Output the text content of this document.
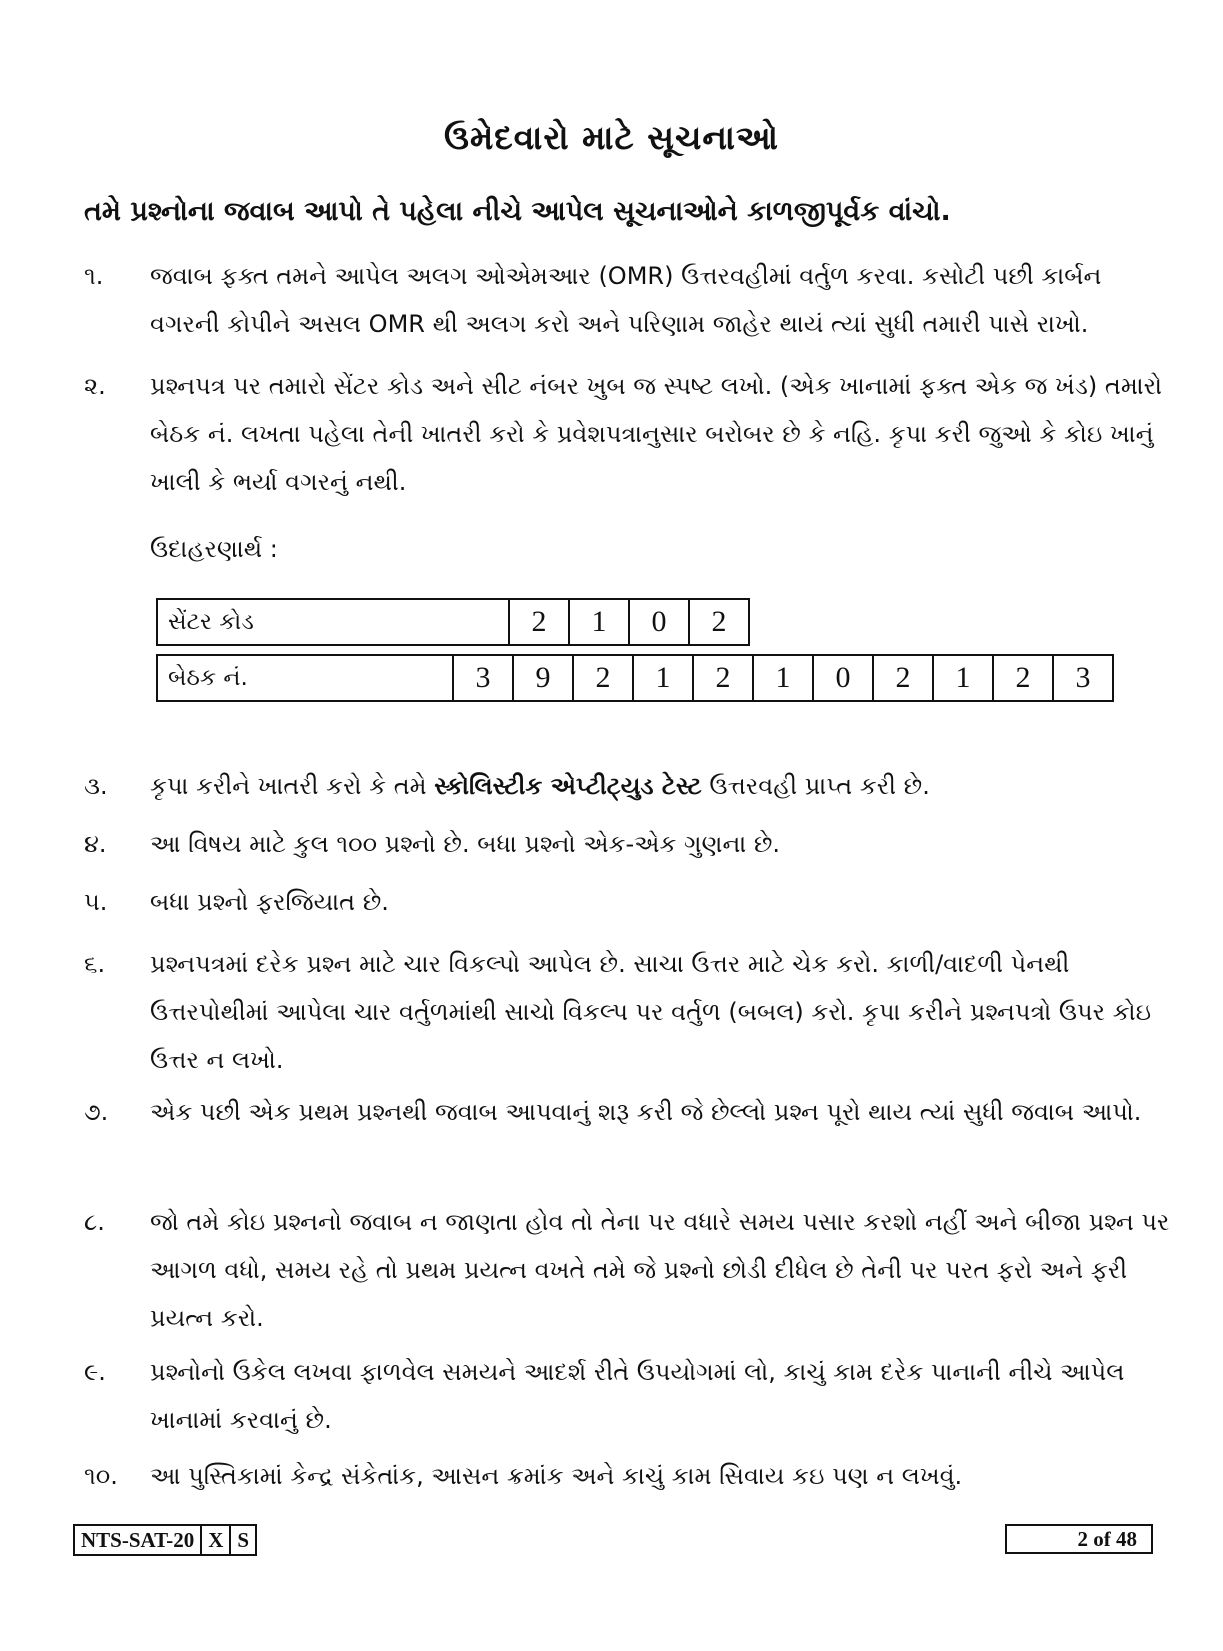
ઉમેદવારો માટે સૂચનાઓ
તમે પ્રશ્નોના જવાબ આપો તે પહેલા નીચે આપેલ સૂચનાઓને કાળજીપૂર્વક વાંચો.
૧.	જવાબ ફક્ત તમને આપેલ અલગ ઓએમઆર (OMR) ઉત્તરવહીમાં વર્તુળ કરવા. કસોટી પછી કાર્બન વગરની કોપીને અસલ OMR થી અલગ કરો અને પરિણામ જાહેર થાયં ત્યાં સુધી તમારી પાસે રાખો.
૨.	પ્રશ્નપત્ર પર તમારો સેંટર કોડ અને સીટ નંબર ખુબ જ સ્પષ્ટ લખો. (એક ખાનામાં ફક્ત એક જ ખંડ) તમારો બેઠક નં. લખતા પહેલા તેની ખાતરી કરો કે પ્રવેશપત્રાનુસાર બરોબર છે કે નહિ. કૃપા કરી જુઓ કે કોઇ ખાનું ખાલી કે ભર્યા વગરનું નથી.
ઉદાહરણાર્થ :
સેંટર કોડ	2	1	0	2
બેઠક નં.	3	9	2	1	2	1	0	2	1	2	3
૩.	કૃપા કરીને ખાતરી કરો કે તમે સ્કોલિસ્ટીક એપ્ટીટ્યુડ ટેસ્ટ ઉત્તરવહી પ્રાપ્ત કરી છે.
૪.	આ વિષય માટે કુલ ૧૦૦ પ્રશ્નો છે. બધા પ્રશ્નો એક-એક ગુણના છે.
૫.	બધા પ્રશ્નો ફરજિયાત છે.
૬.	પ્રશ્નપત્રમાં દરેક પ્રશ્ન માટે ચાર વિકલ્પો આપેલ છે. સાચા ઉત્તર માટે ચેક કરો. કાળી/વાદળી પેનથી ઉત્તરપોથીમાં આપેલા ચાર વર્તુળમાંથી સાચો વિકલ્પ પર વર્તુળ (બબલ) કરો. કૃપા કરીને પ્રશ્નપત્રો ઉપર કોઇ ઉત્તર ન લખો.
૭.	એક પછી એક પ્રથમ પ્રશ્નથી જવાબ આપવાનું શરૂ કરી જે છેલ્લો પ્રશ્ન પૂરો થાય ત્યાં સુધી જવાબ આપો.
૮.	જો તમે કોઇ પ્રશ્નનો જવાબ ન જાણતા હોવ તો તેના પર વધારે સમય પસાર કરશો નહીં અને બીજા પ્રશ્ન પર આગળ વધો, સમય રહે તો પ્રથમ પ્રયત્ન વખતે તમે જે પ્રશ્નો છોડી દીધેલ છે તેની પર પરત ફરો અને ફરી પ્રયત્ન કરો.
૯.	પ્રશ્નોનો ઉકેલ લખવા ફાળવેલ સમયને આદર્શ રીતે ઉપયોગમાં લો, કાચું કામ દરેક પાનાની નીચે આપેલ ખાનામાં કરવાનું છે.
૧૦.	આ પુસ્તિકામાં કેન્દ્ર સંકેતાંક, આસન ક્રમાંક અને કાચું કામ સિવાય કઇ પણ ન લખવું.
NTS-SAT-20	X	S	2 of 48
